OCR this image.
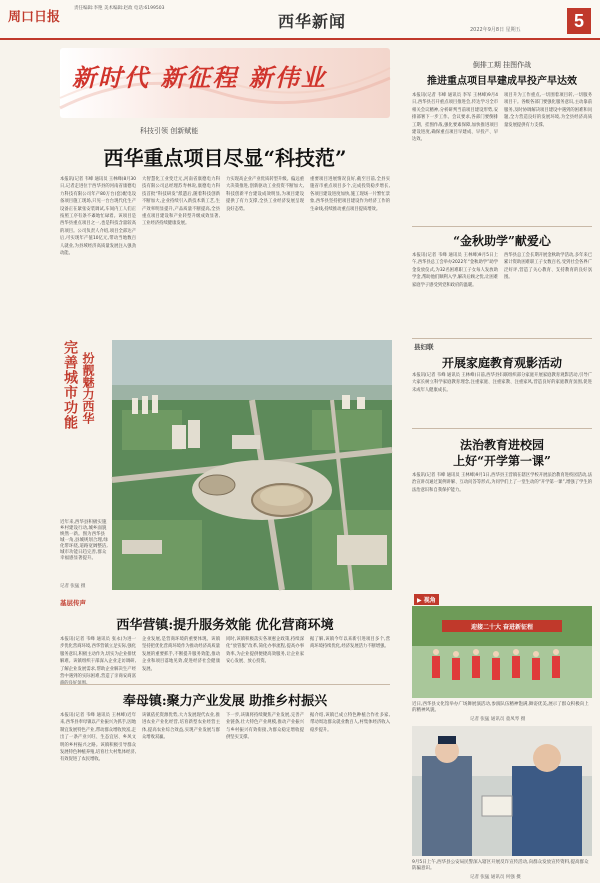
周口日报
责任编辑:李艳 美术编辑:赵政 电话:6199503
西华新闻	2022年9月8日 星期五	5
新时代 新征程 新伟业
科技引领 创新赋能
西华重点项目尽显“科技范”
本报讯(记者 韦峰 通讯员 王林峰)8月30日,记者走进位于西华县的河南省康德电力科技有限公司年产80万台(套)配电设备项目施工现场,只见一台台现代化生产设备正在紧张安装调试,车间内工人们正按照工序有条不紊地忙碌着。该项目是西华县重点项目之一,也是科技含量较高的项目。公司负责人介绍,项目全部达产后,可实现年产值10亿元,带动当地数百人就业,为县域经济高质量发展注入强劲动能。
大智慧化工业变迁元,河南省康德电力科技有限公司总经理苏寿林说,康德电力科技首批“科技研发”派遣后,随着科技创新不断加大,企业持续引入新技术新工艺,生产效率明显提升,产品质量不断提高,全县重点项目建设和产业转型升级成效显著,工业经济持续健康发展。
力实现高企业产业优质转型升级。偏远重大决策推进,创新驱动工业投资不断加大,科技创新平台建设成效明显,为项目建设提供了有力支撑,全县工业经济发展呈现良好态势。
重要项目进展情况良好,截至目前,全县实施省市重点项目多个,完成投资稳步增长,各项目建设进度加快,施工现场一片繁忙景象,西华县坚持把项目建设作为经济工作的生命线,持续推动重点项目提质增效。
完善城市功能 扮靓魅力西华
近年来,西华县积极实施乡村建设行动,城乡面貌焕然一新。图为西华县城一角,县城规划合理,绿化带环绕,道路宽阔整洁,城市功能日趋完善,群众幸福感显著提升。
记者 张猛 摄
倒排工期 挂图作战
推进重点项目早建成早投产早达效
本报讯(记者 韦峰 通讯员 李军 王林峰)9月4日,西华县召开重点项目推进会,传达学习全市相关会议精神,分析研判当前项目建设形势,安排部署下一步工作。会议要求,各部门要倒排工期、挂图作战,强化要素保障,加快推进项目建设进度,确保重点项目早建成、早投产、早达效。
项目升为工作重点,一切围着项目转,一切服务项目干。各级各部门要强化服务意识,主动靠前服务,及时协调解决项目建设中遇到的困难和问题,全力营造良好的发展环境,为全县经济高质量发展提供有力支撑。
“金秋助学”献爱心
本报讯(记者 韦峰 通讯员 王林峰)9月5日上午,西华县总工会举办2022年“金秋助学”助学金发放仪式,为32名困难职工子女每人发放助学金,帮助他们顺利入学,解决后顾之忧,让困难家庭学子感受到党和政府的温暖。
西华县总工会长期开展金秋助学活动,多年来已累计资助困难职工子女数百名,受到社会各界广泛好评,营造了关心教育、支持教育的良好氛围。
县妇联
开展家庭教育观影活动
本报讯(记者 韦峰 通讯员 王林峰)日前,西华县妇联组织部分家庭开展家庭教育观影活动,引导广大家长树立科学家庭教育理念,注重家庭、注重家教、注重家风,营造良好的家庭教育氛围,促进未成年人健康成长。
法治教育进校园
上好“开学第一课”
本报讯(记者 韦峰 通讯员 王林峰)9月1日,西华县王营镇在辖区学校开展法治教育进校园活动,法治宣讲员通过案例讲解、互动问答等形式,为同学们上了一堂生动的“开学第一课”,增强了学生的法治意识和自我保护能力。
▶ 视角
迎接二十大 奋进新征程
近日,西华县文化馆举办广场舞展演活动,参演队伍精神饱满,舞姿优美,展示了群众积极向上的精神风貌。
记者 张猛 通讯员 童凤琴 摄
9月5日上午,西华县公安局民警深入辖区开展反诈宣传活动,向群众发放宣传资料,提高群众防骗意识。
记者 张猛 通讯员 何强 摄
基层传声
西华营镇:提升服务效能 优化营商环境
本报讯(记者 韦峰 通讯员 张永)为进一步优化营商环境,西华营镇立足实际,强化服务意识,积极主动作为,切实为企业排忧解难。该镇组织干部深入企业走访调研,了解企业发展需求,帮助企业解决生产经营中遇到的实际困难,营造了亲商安商富
企业发展,是营商环境的重要体现。该镇坚持把优化营商环境作为推动经济高质量发展的重要抓手,不断提升服务效能,推动企业和项目落地见效,促进经济社会健康发展。
同时,该镇积极落实各项惠企政策,持续深化“放管服”改革,简化办事流程,提高办事效率,为企业提供便捷高效服务,让企业家安心发展、放心投资。
据了解,该镇今年以来新引进项目多个,营商环境持续优化,经济发展活力不断增强。
奉母镇:聚力产业发展 助推乡村振兴
本报讯(记者 韦峰 通讯员 王林峰)近年来,西华县奉母镇以产业振兴为抓手,因地制宜发展特色产业,带动群众增收致富,走出了一条产业兴旺、生态宜居、乡风文明的乡村振兴之路。该镇积极引导群众发展特色种植养殖,培育壮大村集体经济,有效促进了农民增收。
该镇依托资源优势,大力发展现代农业,推进农业产业化经营,培育新型农业经营主体,提高农业综合效益,实现产业发展与群众增收双赢。
下一步,该镇将持续聚焦产业发展,完善产业链条,壮大特色产业规模,推动产业振兴与乡村振兴有效衔接,为群众稳定增收提供坚实支撑。
据介绍,该镇已成立特色种植合作社多家,带动周边群众就业数百人,村集体经济收入稳步提升。
